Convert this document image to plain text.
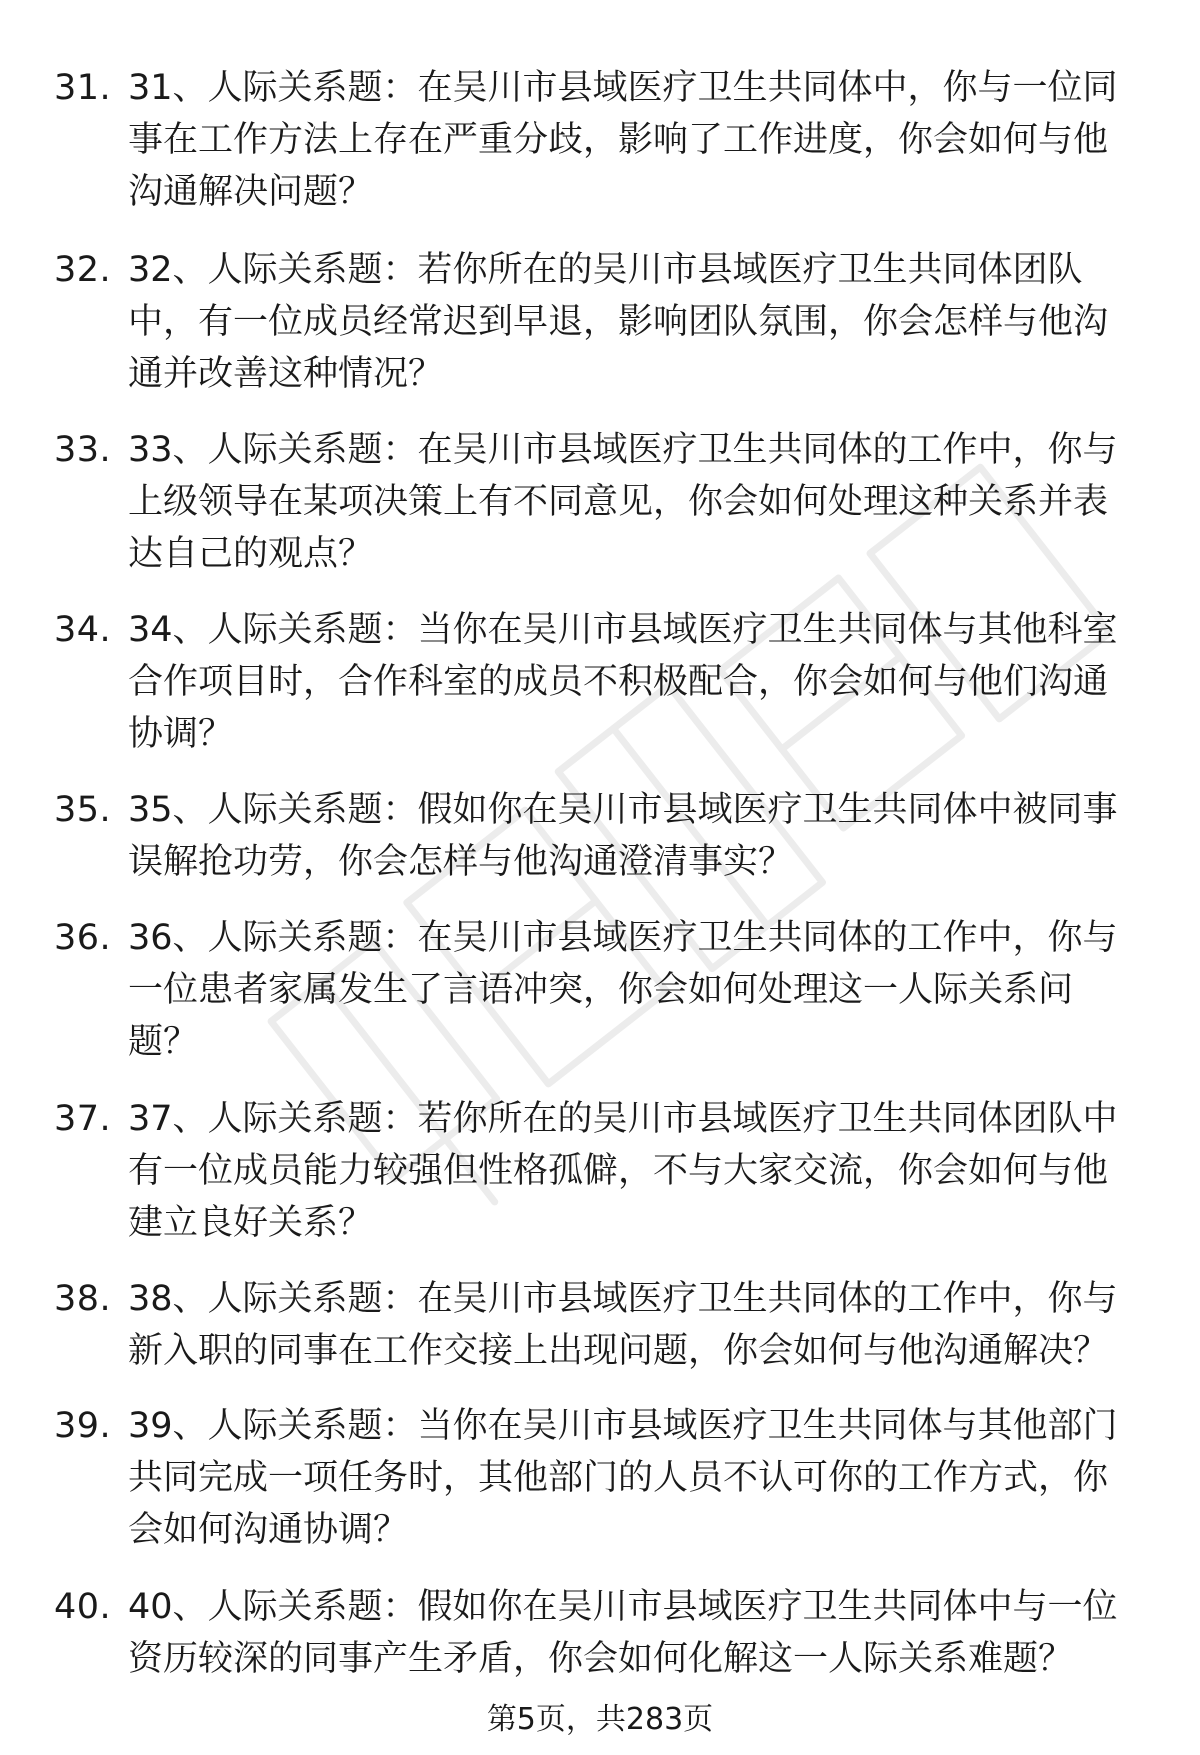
31. 31、人际关系题：在吴川市县域医疗卫生共同体中，你与一位同
事在工作方法上存在严重分歧，影响了工作进度，你会如何与他
沟通解决问题？

32. 32、人际关系题：若你所在的吴川市县域医疗卫生共同体团队
中，有一位成员经常迟到早退，影响团队氛围，你会怎样与他沟
通并改善这种情况？

33. 33、人际关系题：在吴川市县域医疗卫生共同体的工作中，你与
上级领导在某项决策上有不同意见，你会如何处理这种关系并表
达自己的观点？

34. 34、人际关系题：当你在吴川市县域医疗卫生共同体与其他科室
合作项目时，合作科室的成员不积极配合，你会如何与他们沟通
协调？

35. 35、人际关系题：假如你在吴川市县域医疗卫生共同体中被同事
误解抢功劳，你会怎样与他沟通澄清事实？

36. 36、人际关系题：在吴川市县域医疗卫生共同体的工作中，你与
一位患者家属发生了言语冲突，你会如何处理这一人际关系问
题？

37. 37、人际关系题：若你所在的吴川市县域医疗卫生共同体团队中
有一位成员能力较强但性格孤僻，不与大家交流，你会如何与他
建立良好关系？

38. 38、人际关系题：在吴川市县域医疗卫生共同体的工作中，你与
新入职的同事在工作交接上出现问题，你会如何与他沟通解决？

39. 39、人际关系题：当你在吴川市县域医疗卫生共同体与其他部门
共同完成一项任务时，其他部门的人员不认可你的工作方式，你
会如何沟通协调？

40. 40、人际关系题：假如你在吴川市县域医疗卫生共同体中与一位
资历较深的同事产生矛盾，你会如何化解这一人际关系难题？

第5页，共283页
